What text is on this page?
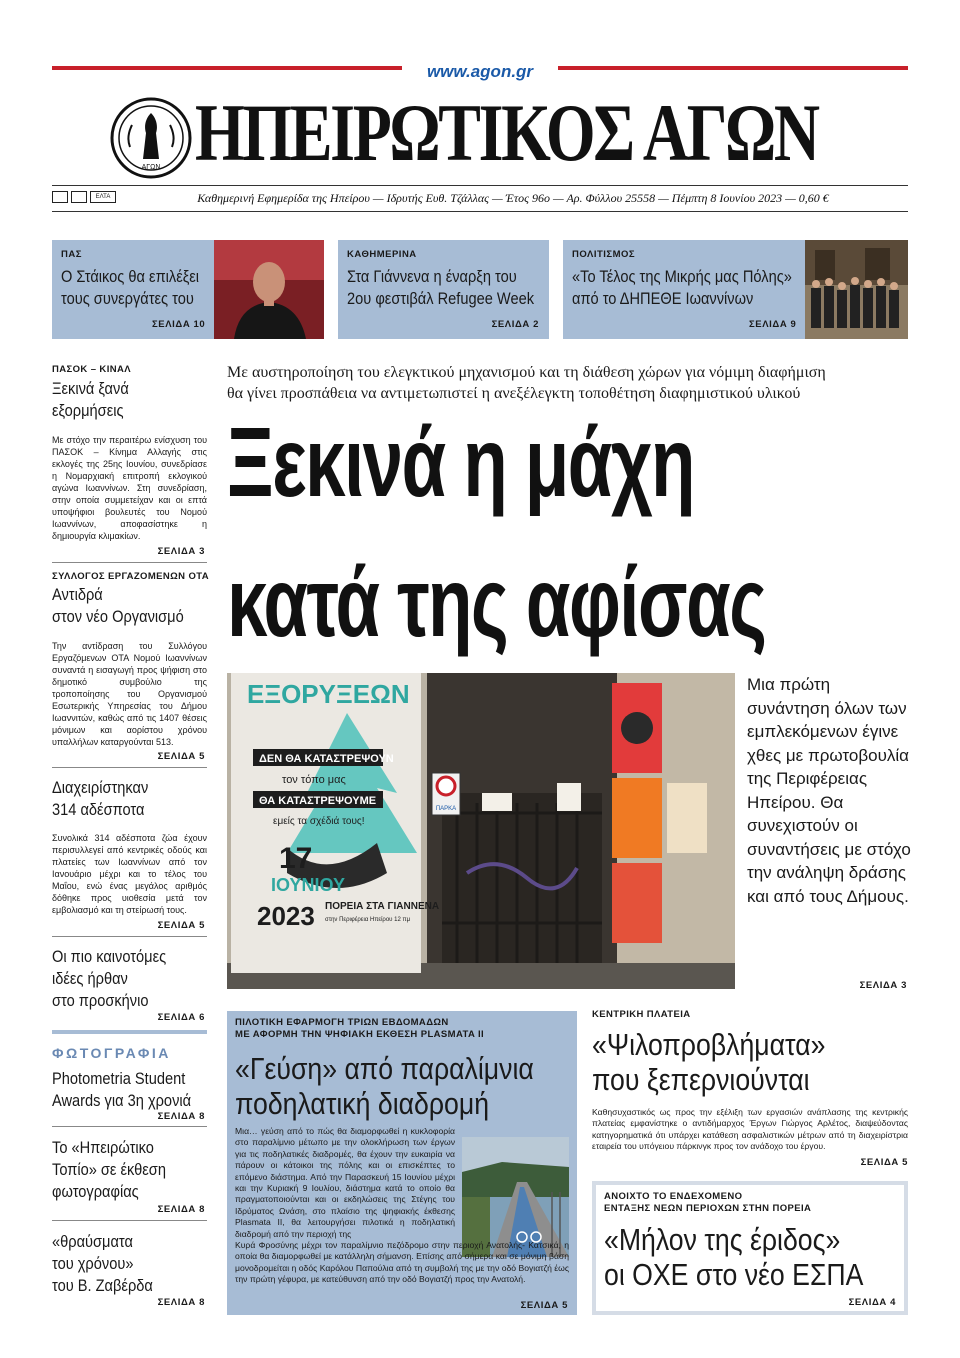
www.agon.gr
ΑΓΩΝ ΗΠΕΙΡΩΤΙΚΟΣ ΑΓΩΝ
ΕΛΤΑ	Καθημερινή Εφημερίδα της Ηπείρου — Ιδρυτής Ευθ. Τζάλλας — Έτος 96ο — Αρ. Φύλλου 25558 — Πέμπτη 8 Ιουνίου 2023 — 0,60 €
ΠΑΣ
Ο Στάικος θα επιλέξει
τους συνεργάτες του
ΣΕΛΙΔΑ 10
ΚΑΘΗΜΕΡΙΝΑ
Στα Γιάννενα η έναρξη του
2ου φεστιβάλ Refugee Week
ΣΕΛΙΔΑ 2
ΠΟΛΙΤΙΣΜΟΣ
«Το Τέλος της Μικρής μας Πόλης»
από το ΔΗΠΕΘΕ Ιωαννίνων
ΣΕΛΙΔΑ 9
ΠΑΣΟΚ – ΚΙΝΑΛ
Ξεκινά ξανά
εξορμήσεις
Με στόχο την περαιτέρω ενίσχυση του ΠΑΣΟΚ – Κίνημα Αλλαγής στις εκλογές της 25ης Ιουνίου, συνεδρίασε η Νομαρχιακή επιτροπή εκλογικού αγώνα Ιωαννίνων. Στη συνεδρίαση, στην οποία συμμετείχαν και οι επτά υποψήφιοι βουλευτές του Νομού Ιωαννίνων, αποφασίστηκε η δημιουργία κλιμακίων.
ΣΕΛΙΔΑ 3
ΣΥΛΛΟΓΟΣ ΕΡΓΑΖΟΜΕΝΩΝ ΟΤΑ
Αντιδρά
στον νέο Οργανισμό
Την αντίδραση του Συλλόγου Εργαζόμενων ΟΤΑ Νομού Ιωαννίνων συναντά η εισαγωγή προς ψήφιση στο δημοτικό συμβούλιο της τροποποίησης του Οργανισμού Εσωτερικής Υπηρεσίας του Δήμου Ιωαννιτών, καθώς από τις 1407 θέσεις μόνιμων και αορίστου χρόνου υπαλλήλων καταργούνται 513.
ΣΕΛΙΔΑ 5
Διαχειρίστηκαν
314 αδέσποτα
Συνολικά 314 αδέσποτα ζώα έχουν περισυλλεγεί από κεντρικές οδούς και πλατείες των Ιωαννίνων από τον Ιανουάριο μέχρι και το τέλος του Μαΐου, ενώ ένας μεγάλος αριθμός δόθηκε προς υιοθεσία μετά τον εμβολιασμό και τη στείρωσή τους.
ΣΕΛΙΔΑ 5
Οι πιο καινοτόμες
ιδέες ήρθαν
στο προσκήνιο
ΣΕΛΙΔΑ 6
ΦΩΤΟΓΡΑΦΙΑ
Photometria Student
Awards για 3η χρονιά
ΣΕΛΙΔΑ 8
Το «Ηπειρώτικο
Τοπίο» σε έκθεση
φωτογραφίας
ΣΕΛΙΔΑ 8
«θραύσματα
του χρόνου»
του Β. Ζαβέρδα
ΣΕΛΙΔΑ 8
Με αυστηροποίηση του ελεγκτικού μηχανισμού και τη διάθεση χώρων για νόμιμη διαφήμιση
θα γίνει προσπάθεια να αντιμετωπιστεί η ανεξέλεγκτη τοποθέτηση διαφημιστικού υλικού
Ξεκινά η μάχη
κατά της αφίσας
ΕΞΟΡΥΞΕΩΝ
ΔΕΝ ΘΑ ΚΑΤΑΣΤΡΕΨΟΥΝ
τον τόπο μας
ΘΑ ΚΑΤΑΣΤΡΕΨΟΥΜΕ
εμείς τα σχέδιά τους!
17
ΙΟΥΝΙΟΥ
2023 ΠΟΡΕΙΑ ΣΤΑ ΓΙΑΝΝΕΝΑ
στην Περιφέρεια Ηπείρου 12 πμ
ΠΑΡΚΑ
Μια πρώτη συνάντηση όλων των εμπλεκόμενων έγινε χθες με πρωτοβουλία της Περιφέρειας Ηπείρου. Θα συνεχιστούν οι συναντήσεις με στόχο την ανάληψη δράσης και από τους Δήμους.
ΣΕΛΙΔΑ 3
ΠΙΛΟΤΙΚΗ ΕΦΑΡΜΟΓΗ ΤΡΙΩΝ ΕΒΔΟΜΑΔΩΝ
ΜΕ ΑΦΟΡΜΗ ΤΗΝ ΨΗΦΙΑΚΗ ΕΚΘΕΣΗ PLASMATA II
«Γεύση» από παραλίμνια
ποδηλατική διαδρομή
Μια… γεύση από το πώς θα διαμορφωθεί η κυκλοφορία στο παραλίμνιο μέτωπο με την ολοκλήρωση των έργων για τις ποδηλατικές διαδρομές, θα έχουν την ευκαιρία να πάρουν οι κάτοικοι της πόλης και οι επισκέπτες το επόμενο διάστημα. Από την Παρασκευή 15 Ιουνίου μέχρι και την Κυριακή 9 Ιουλίου, διάστημα κατά το οποίο θα πραγματοποιούνται και οι εκδηλώσεις της Στέγης του Ιδρύματος Ωνάση, στο πλαίσιο της ψηφιακής έκθεσης Plasmata II, θα λειτουργήσει πιλοτικά η ποδηλατική διαδρομή από την περιοχή της
Κυρά Φροσύνης μέχρι τον παραλίμνιο πεζόδρομο στην περιοχή Ανατολής- Κατσικά, η οποία θα διαμορφωθεί με κατάλληλη σήμανση. Επίσης από σήμερα και σε μόνιμη βάση μονοδρομείται η οδός Καρόλου Παπούλια από τη συμβολή της με την οδό Βογιατζή έως την πρώτη γέφυρα, με κατεύθυνση από την οδό Βογιατζή προς την Ανατολή.
ΣΕΛΙΔΑ 5
ΚΕΝΤΡΙΚΗ ΠΛΑΤΕΙΑ
«Ψιλοπροβλήματα»
που ξεπερνιούνται
Καθησυχαστικός ως προς την εξέλιξη των εργασιών ανάπλασης της κεντρικής πλατείας εμφανίστηκε ο αντιδήμαρχος Έργων Γιώργος Αρλέτος, διαψεύδοντας κατηγορηματικά ότι υπάρχει κατάθεση ασφαλιστικών μέτρων από τη διαχειρίστρια εταιρεία του υπόγειου πάρκινγκ προς τον ανάδοχο του έργου.
ΣΕΛΙΔΑ 5
ΑΝΟΙΧΤΟ ΤΟ ΕΝΔΕΧΟΜΕΝΟ
ΕΝΤΑΞΗΣ ΝΕΩΝ ΠΕΡΙΟΧΩΝ ΣΤΗΝ ΠΟΡΕΙΑ
«Μήλον της έριδος»
οι ΟΧΕ στο νέο ΕΣΠΑ
ΣΕΛΙΔΑ 4
